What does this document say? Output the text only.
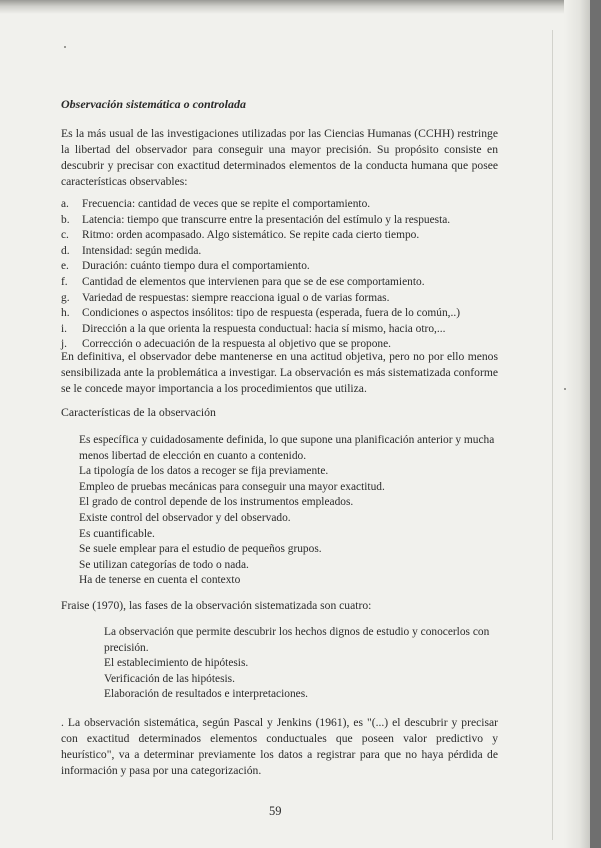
Observación sistemática o controlada

Es la más usual de las investigaciones utilizadas por las Ciencias Humanas (CCHH) restringe la libertad del observador para conseguir una mayor precisión. Su propósito consiste en descubrir y precisar con exactitud determinados elementos de la conducta humana que posee características observables:

a.	Frecuencia: cantidad de veces que se repite el comportamiento.
b.	Latencia: tiempo que transcurre entre la presentación del estímulo y la respuesta.
c.	Ritmo: orden acompasado. Algo sistemático. Se repite cada cierto tiempo.
d.	Intensidad: según medida.
e.	Duración: cuánto tiempo dura el comportamiento.
f.	Cantidad de elementos que intervienen para que se de ese comportamiento.
g.	Variedad de respuestas: siempre reacciona igual o de varias formas.
h.	Condiciones o aspectos insólitos: tipo de respuesta (esperada, fuera de lo común,..)
i.	Dirección a la que orienta la respuesta conductual: hacia sí mismo, hacia otro,...
j.	Corrección o adecuación de la respuesta al objetivo que se propone.

En definitiva, el observador debe mantenerse en una actitud objetiva, pero no por ello menos sensibilizada ante la problemática a investigar. La observación es más sistematizada conforme se le concede mayor importancia a los procedimientos que utiliza.

Características de la observación
Es específica y cuidadosamente definida, lo que supone una planificación anterior y mucha menos libertad de elección en cuanto a contenido.
La tipología de los datos a recoger se fija previamente.
Empleo de pruebas mecánicas para conseguir una mayor exactitud.
El grado de control depende de los instrumentos empleados.
Existe control del observador y del observado.
Es cuantificable.
Se suele emplear para el estudio de pequeños grupos.
Se utilizan categorías de todo o nada.
Ha de tenerse en cuenta el contexto

Fraise (1970), las fases de la observación sistematizada son cuatro:

La observación que permite descubrir los hechos dignos de estudio y conocerlos con precisión.
El establecimiento de hipótesis.
Verificación de las hipótesis.
Elaboración de resultados e interpretaciones.

. La observación sistemática, según Pascal y Jenkins (1961), es "(...) el descubrir y precisar con exactitud determinados elementos conductuales que poseen valor predictivo y heurístico", va a determinar previamente los datos a registrar para que no haya pérdida de información y pasa por una categorización.

59
